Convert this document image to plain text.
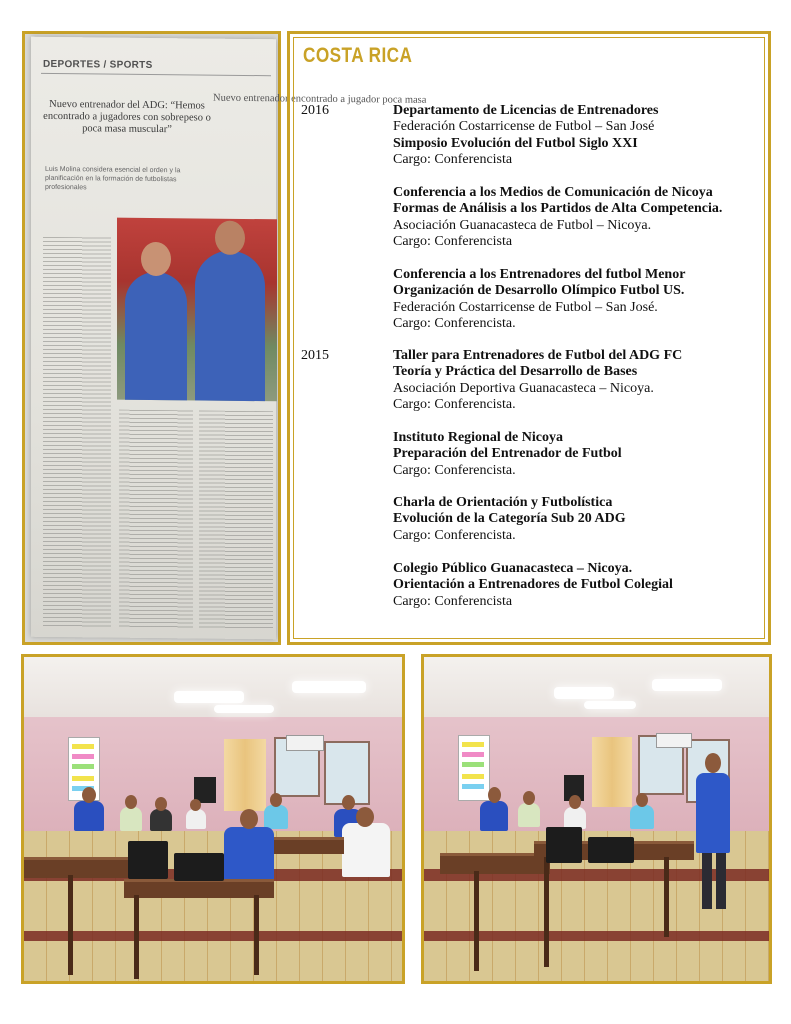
DEPORTES / SPORTS
Nuevo entrenador del ADG: “Hemos encontrado a jugadores con sobrepeso o poca masa muscular”
Nuevo entrenador encontrado a jugador poca masa
Luis Molina considera esencial el orden y la planificación en la formación de futbolistas profesionales
COSTA RICA
2016	Departamento de Licencias de Entrenadores
Federación Costarricense de Futbol – San José
Simposio Evolución del Futbol Siglo XXI
Cargo: Conferencista
Conferencia a los Medios de Comunicación de Nicoya
Formas de Análisis a los Partidos de Alta Competencia.
Asociación Guanacasteca de Futbol – Nicoya.
Cargo: Conferencista
Conferencia a los Entrenadores del futbol Menor
Organización de Desarrollo Olímpico Futbol US.
Federación Costarricense de Futbol – San José.
Cargo: Conferencista.
2015	Taller para Entrenadores de Futbol del ADG FC
Teoría y Práctica del Desarrollo de Bases
Asociación Deportiva Guanacasteca – Nicoya.
Cargo: Conferencista.
Instituto Regional de Nicoya
Preparación del Entrenador de Futbol
Cargo: Conferencista.
Charla de Orientación y Futbolística
Evolución de la Categoría Sub 20 ADG
Cargo: Conferencista.
Colegio Público Guanacasteca – Nicoya.
Orientación a Entrenadores de Futbol Colegial
Cargo: Conferencista
